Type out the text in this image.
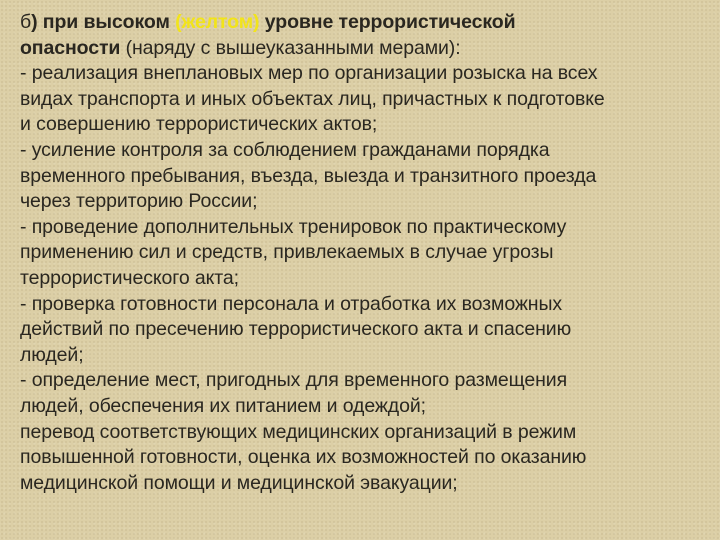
б) при высоком (желтом) уровне террористической
опасности (наряду с вышеуказанными мерами):
- реализация внеплановых мер по организации розыска на всех
видах транспорта и иных объектах лиц, причастных к подготовке
и совершению террористических актов;
- усиление контроля за соблюдением гражданами порядка
временного пребывания, въезда, выезда и транзитного проезда
через территорию России;
- проведение дополнительных тренировок по практическому
применению сил и средств, привлекаемых в случае угрозы
террористического акта;
- проверка готовности персонала и отработка их возможных
действий по пресечению террористического акта и спасению
людей;
- определение мест, пригодных для временного размещения
людей, обеспечения их питанием и одеждой;
перевод соответствующих медицинских организаций в режим
повышенной готовности, оценка их возможностей по оказанию
медицинской помощи и медицинской эвакуации;
